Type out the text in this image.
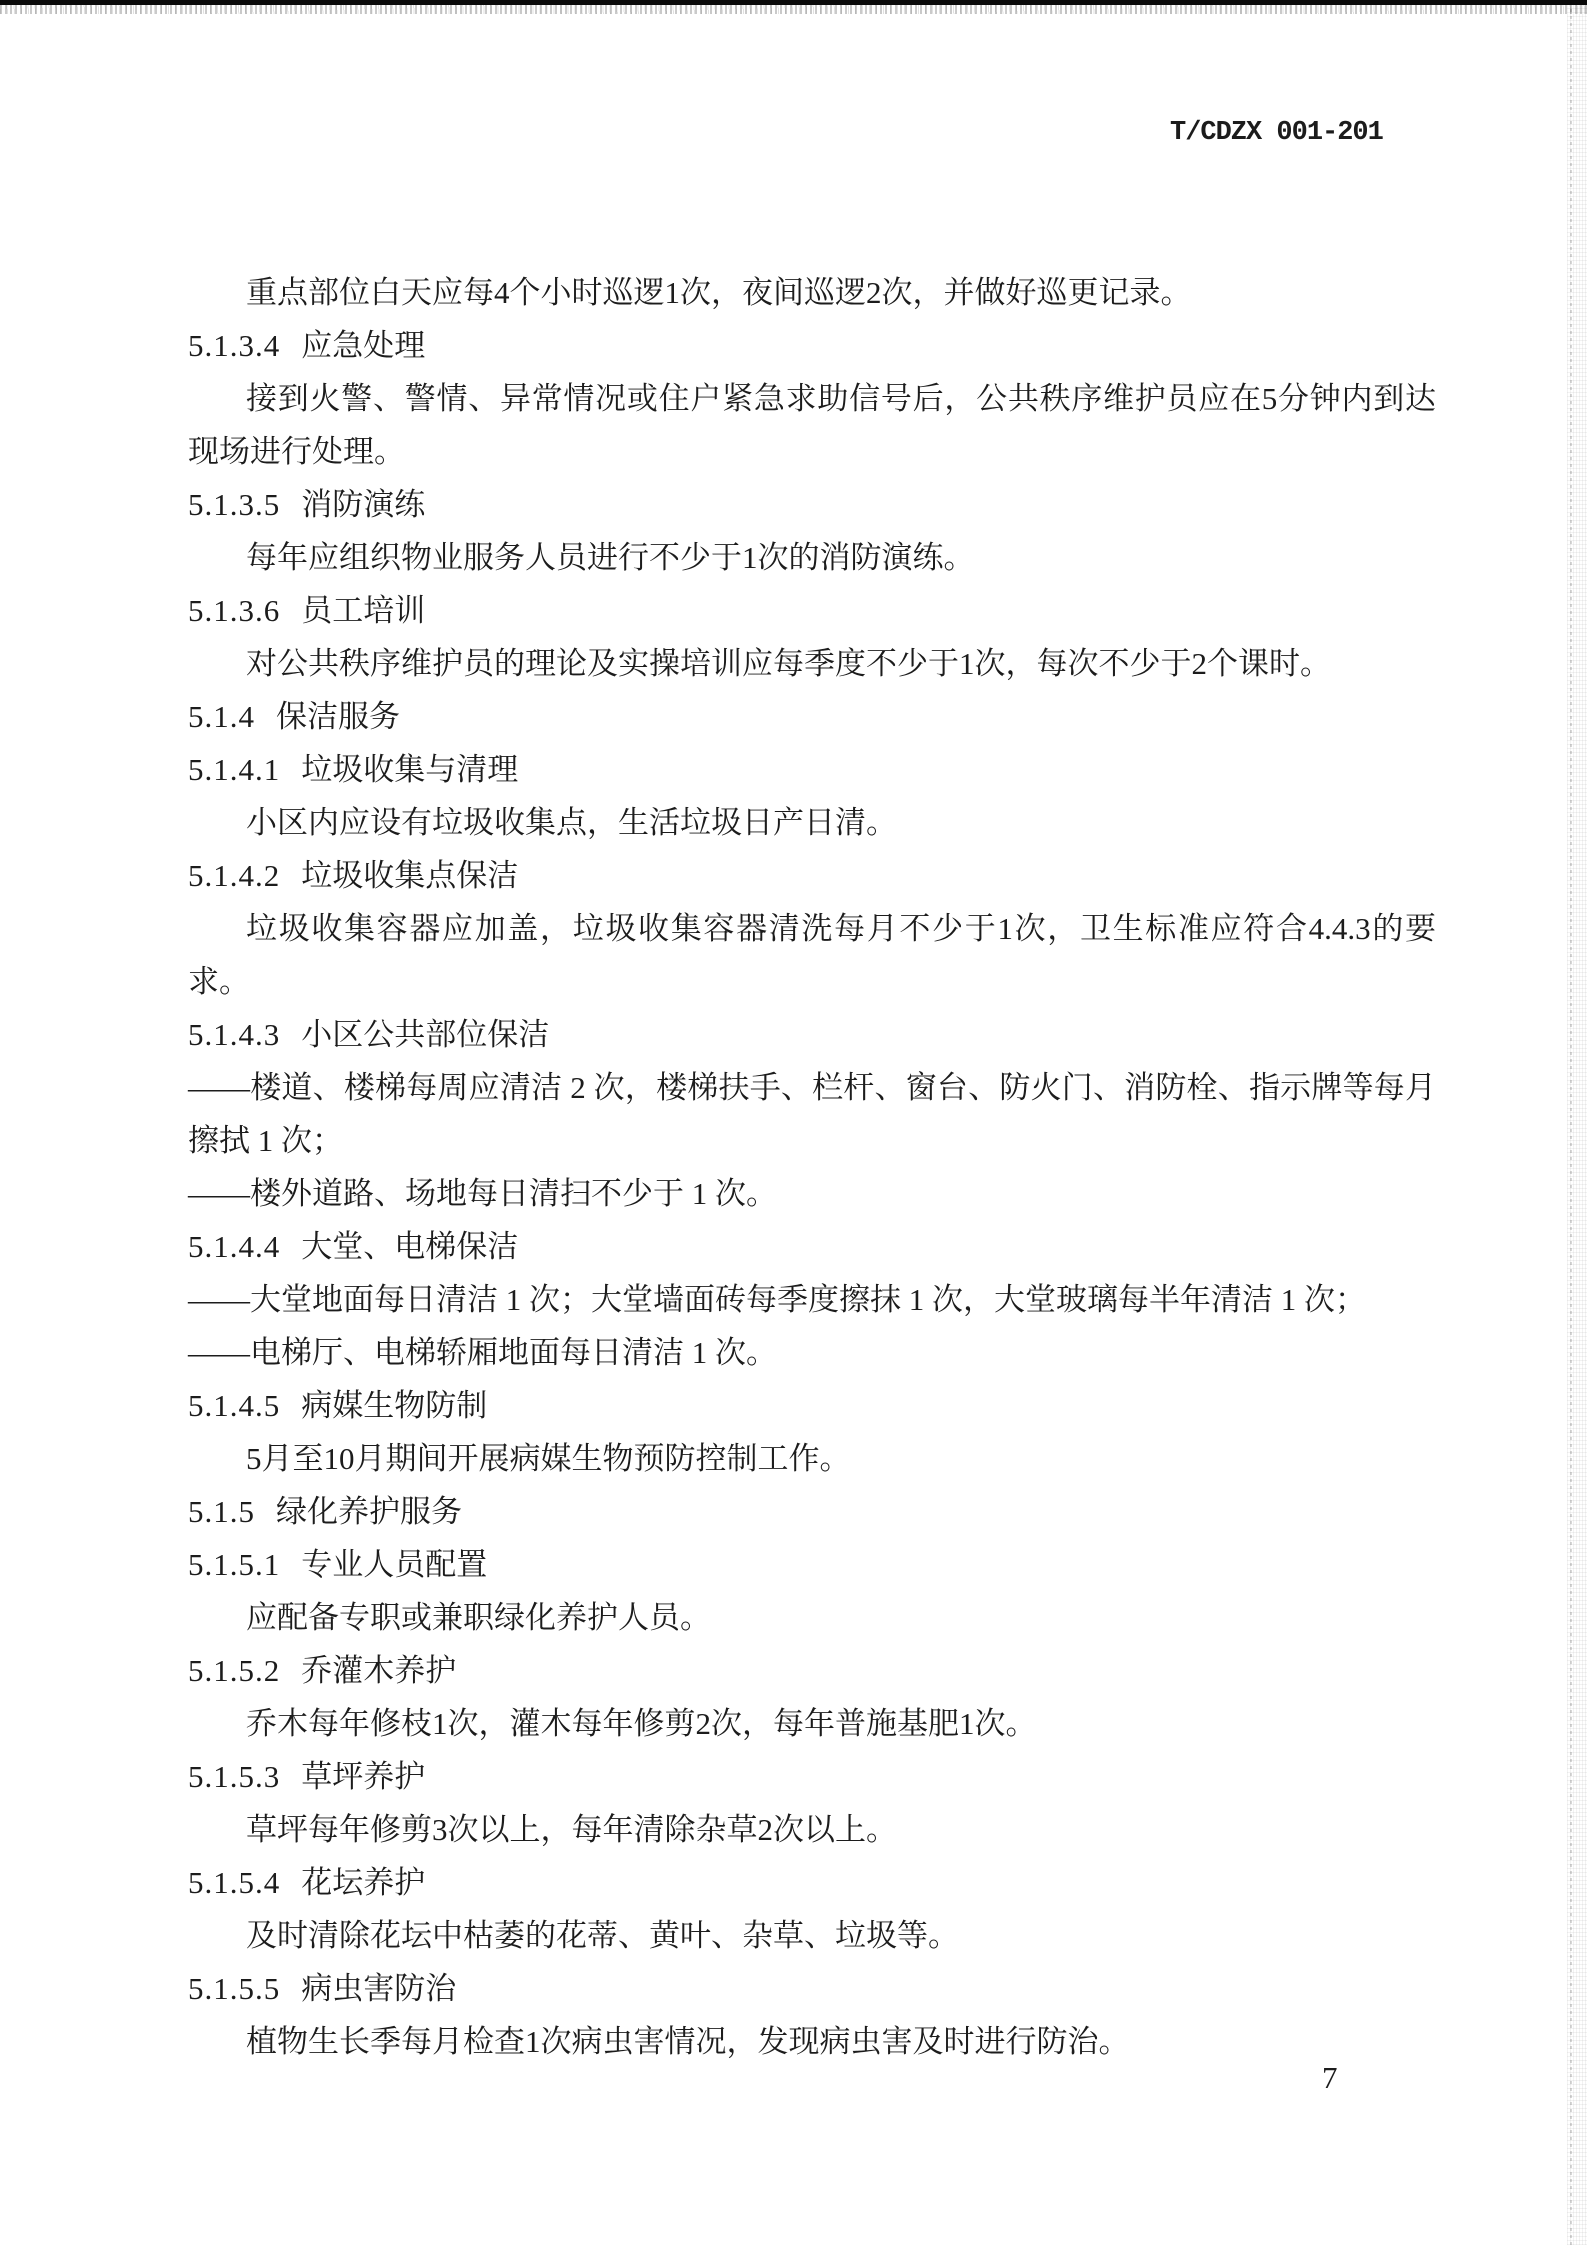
T/CDZX 001-201
重点部位白天应每4个小时巡逻1次，夜间巡逻2次，并做好巡更记录。
5.1.3.4 应急处理
接到火警、警情、异常情况或住户紧急求助信号后，公共秩序维护员应在5分钟内到达现场进行处理。
5.1.3.5 消防演练
每年应组织物业服务人员进行不少于1次的消防演练。
5.1.3.6 员工培训
对公共秩序维护员的理论及实操培训应每季度不少于1次，每次不少于2个课时。
5.1.4 保洁服务
5.1.4.1 垃圾收集与清理
小区内应设有垃圾收集点，生活垃圾日产日清。
5.1.4.2 垃圾收集点保洁
垃圾收集容器应加盖，垃圾收集容器清洗每月不少于1次，卫生标准应符合4.4.3的要求。
5.1.4.3 小区公共部位保洁
——楼道、楼梯每周应清洁 2 次，楼梯扶手、栏杆、窗台、防火门、消防栓、指示牌等每月擦拭 1 次；
——楼外道路、场地每日清扫不少于 1 次。
5.1.4.4 大堂、电梯保洁
——大堂地面每日清洁 1 次；大堂墙面砖每季度擦抹 1 次，大堂玻璃每半年清洁 1 次；
——电梯厅、电梯轿厢地面每日清洁 1 次。
5.1.4.5 病媒生物防制
5月至10月期间开展病媒生物预防控制工作。
5.1.5 绿化养护服务
5.1.5.1 专业人员配置
应配备专职或兼职绿化养护人员。
5.1.5.2 乔灌木养护
乔木每年修枝1次，灌木每年修剪2次，每年普施基肥1次。
5.1.5.3 草坪养护
草坪每年修剪3次以上，每年清除杂草2次以上。
5.1.5.4 花坛养护
及时清除花坛中枯萎的花蒂、黄叶、杂草、垃圾等。
5.1.5.5 病虫害防治
植物生长季每月检查1次病虫害情况，发现病虫害及时进行防治。
7
